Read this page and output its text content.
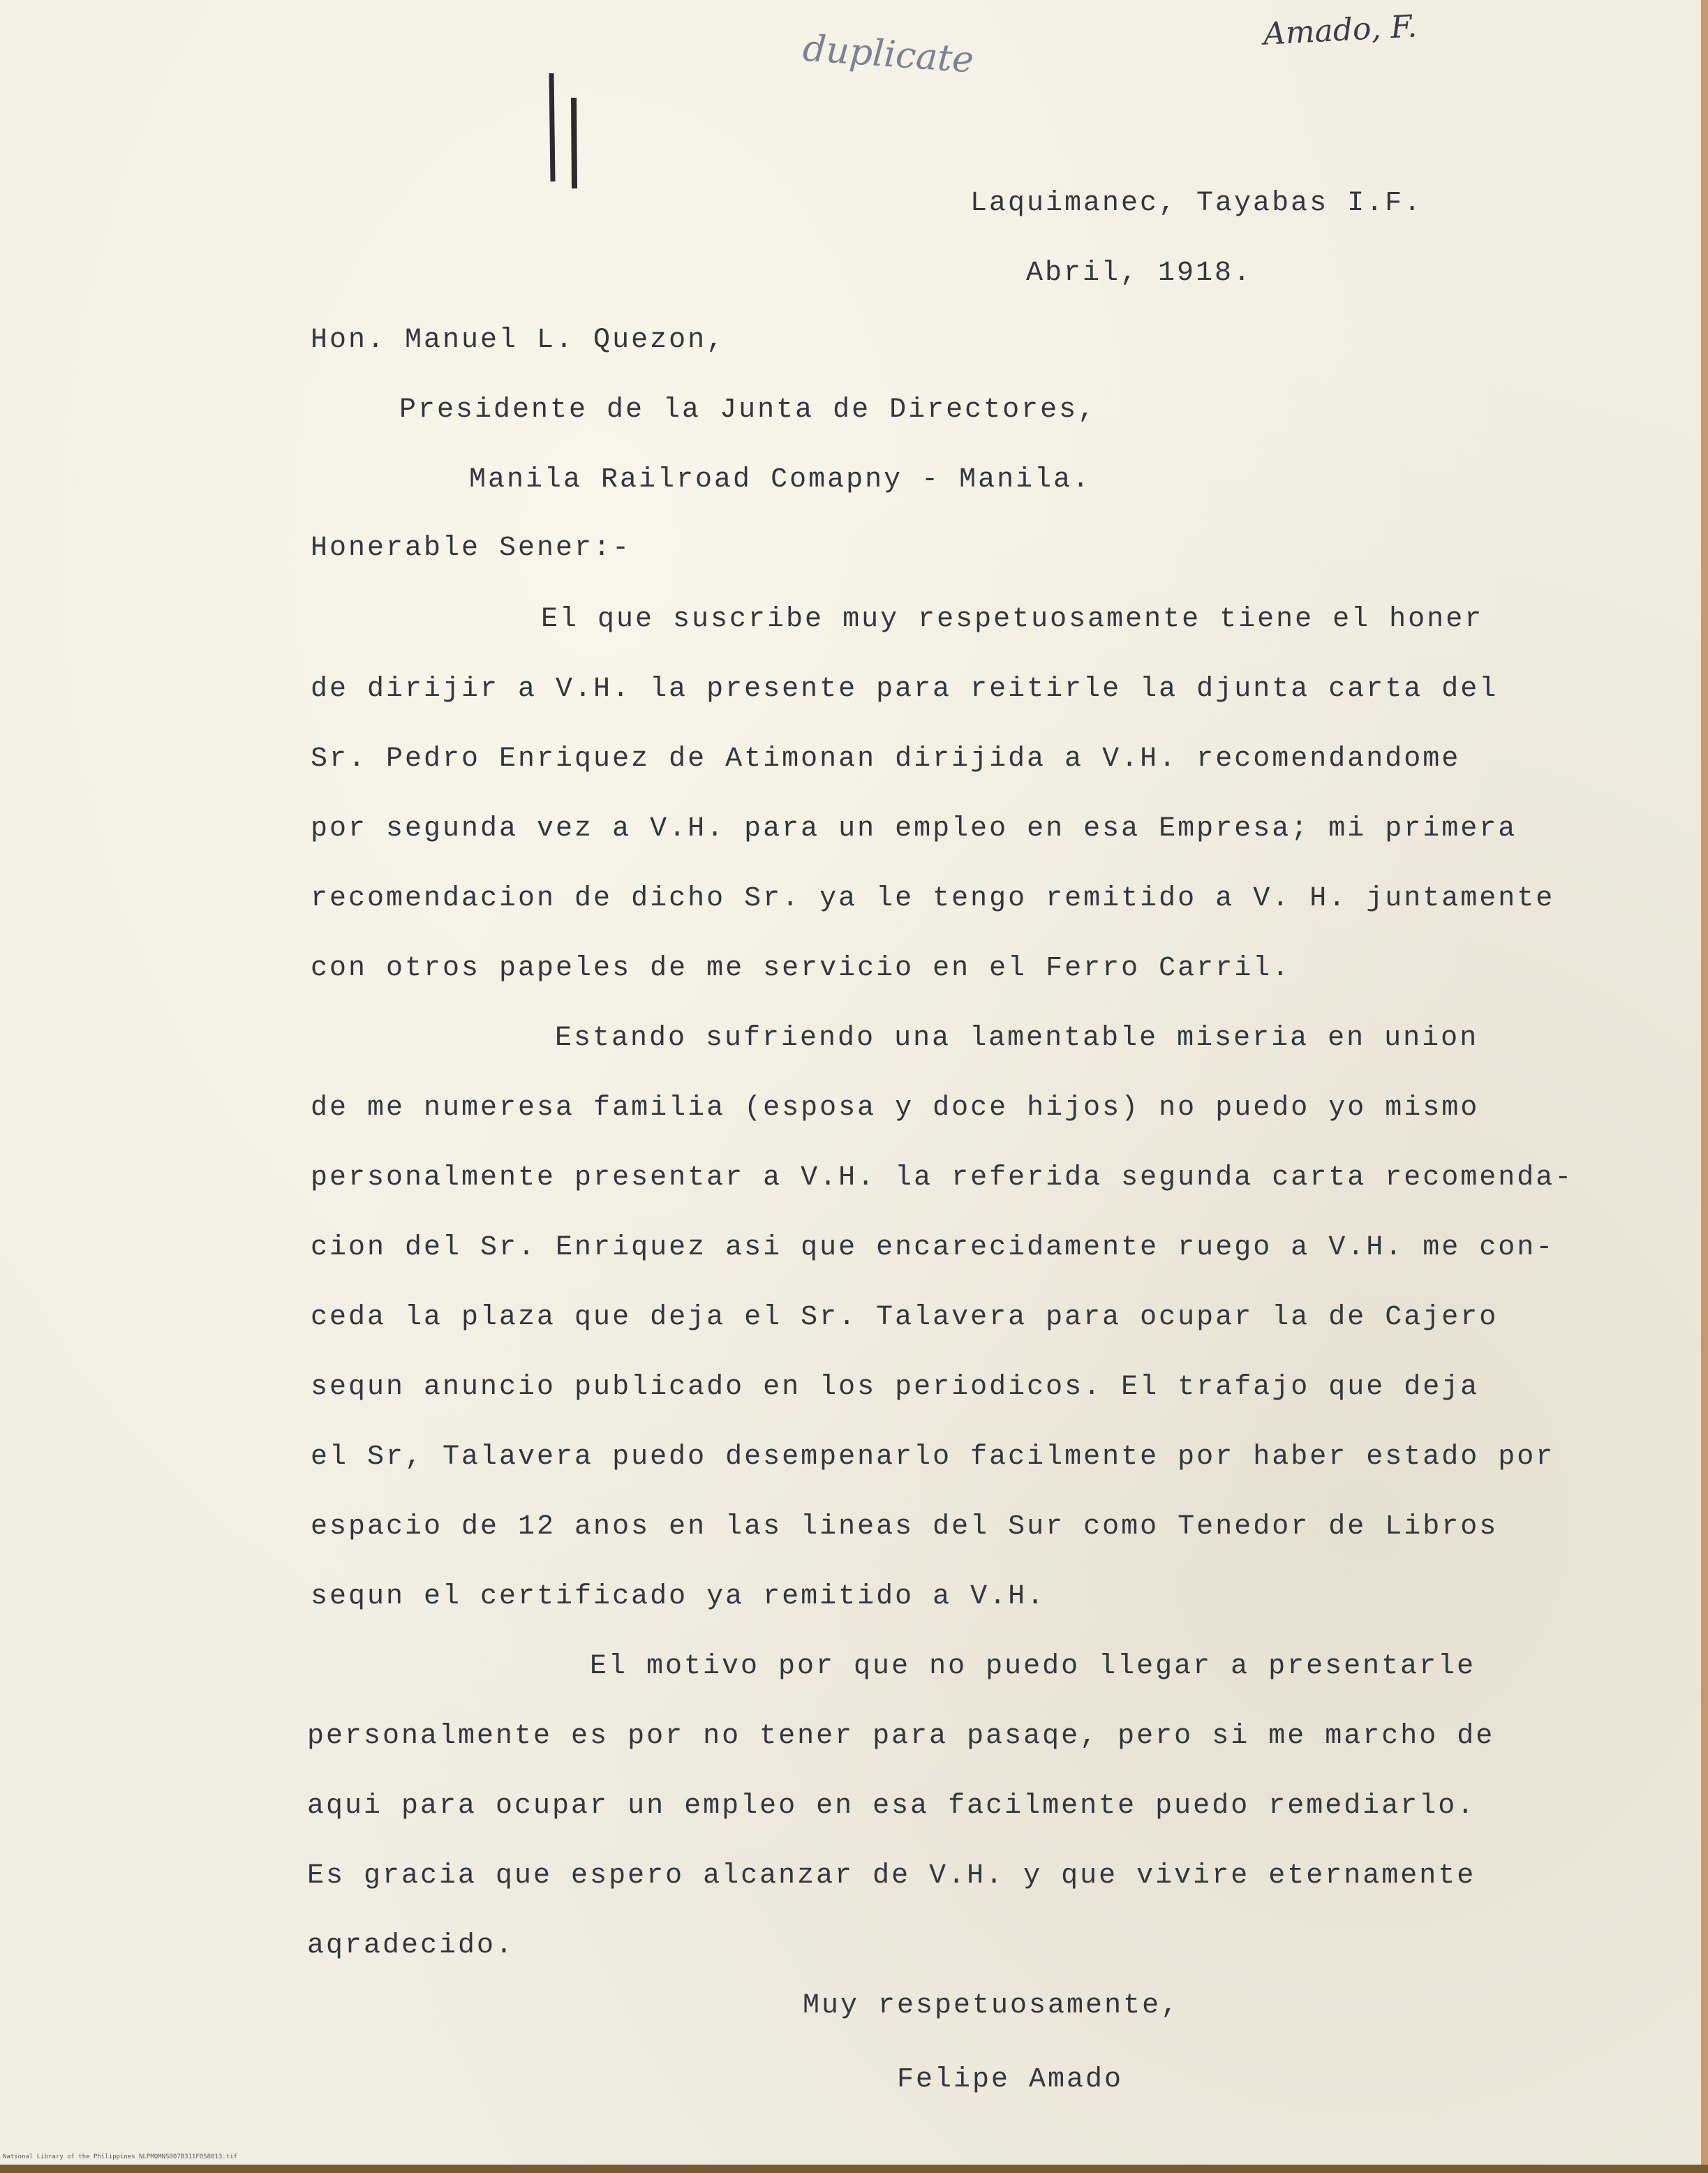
duplicate	Amado, F.
Laquimanec, Tayabas I.F.
Abril, 1918.
Hon. Manuel L. Quezon,
Presidente de la Junta de Directores,
Manila Railroad Comapny - Manila.
Honerable Sener:-
El que suscribe muy respetuosamente tiene el honer
de dirijir a V.H. la presente para reitirle la djunta carta del
Sr. Pedro Enriquez de Atimonan dirijida a V.H. recomendandome
por segunda vez a V.H. para un empleo en esa Empresa; mi primera
recomendacion de dicho Sr. ya le tengo remitido a V. H. juntamente
con otros papeles de me servicio en el Ferro Carril.
Estando sufriendo una lamentable miseria en union
de me numeresa familia (esposa y doce hijos) no puedo yo mismo
personalmente presentar a V.H. la referida segunda carta recomenda-
cion del Sr. Enriquez asi que encarecidamente ruego a V.H. me con-
ceda la plaza que deja el Sr. Talavera para ocupar la de Cajero
sequn anuncio publicado en los periodicos. El trafajo que deja
el Sr, Talavera puedo desempenarlo facilmente por haber estado por
espacio de 12 anos en las lineas del Sur como Tenedor de Libros
sequn el certificado ya remitido a V.H.
El motivo por que no puedo llegar a presentarle
personalmente es por no tener para pasaqe, pero si me marcho de
aqui para ocupar un empleo en esa facilmente puedo remediarlo.
Es gracia que espero alcanzar de V.H. y que vivire eternamente
aqradecido.
Muy respetuosamente,
Felipe Amado
National Library of the Philippines NLPMQMNS007B311F058013.tif
